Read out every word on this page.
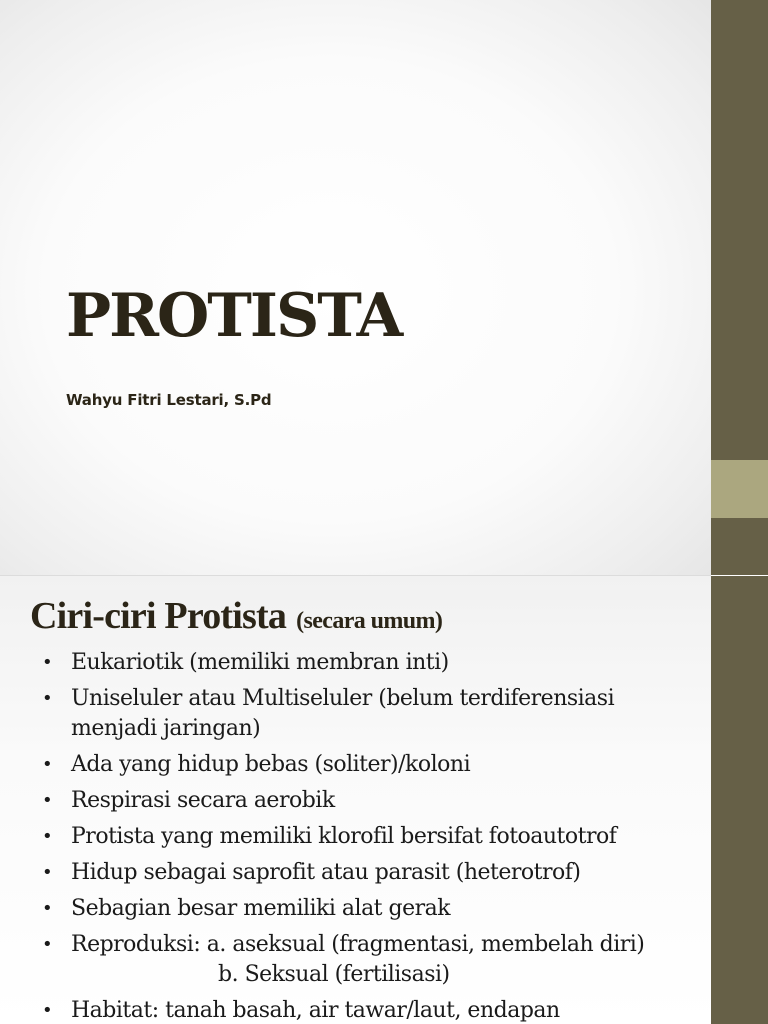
PROTISTA

Wahyu Fitri Lestari, S.Pd

Ciri-ciri Protista (secara umum)
• Eukariotik (memiliki membran inti)
• Uniseluler atau Multiseluler (belum terdiferensiasi
menjadi jaringan)
• Ada yang hidup bebas (soliter)/koloni
• Respirasi secara aerobik
• Protista yang memiliki klorofil bersifat fotoautotrof
• Hidup sebagai saprofit atau parasit (heterotrof)
• Sebagian besar memiliki alat gerak
• Reproduksi: a. aseksual (fragmentasi, membelah diri)
b. Seksual (fertilisasi)
• Habitat: tanah basah, air tawar/laut, endapan
